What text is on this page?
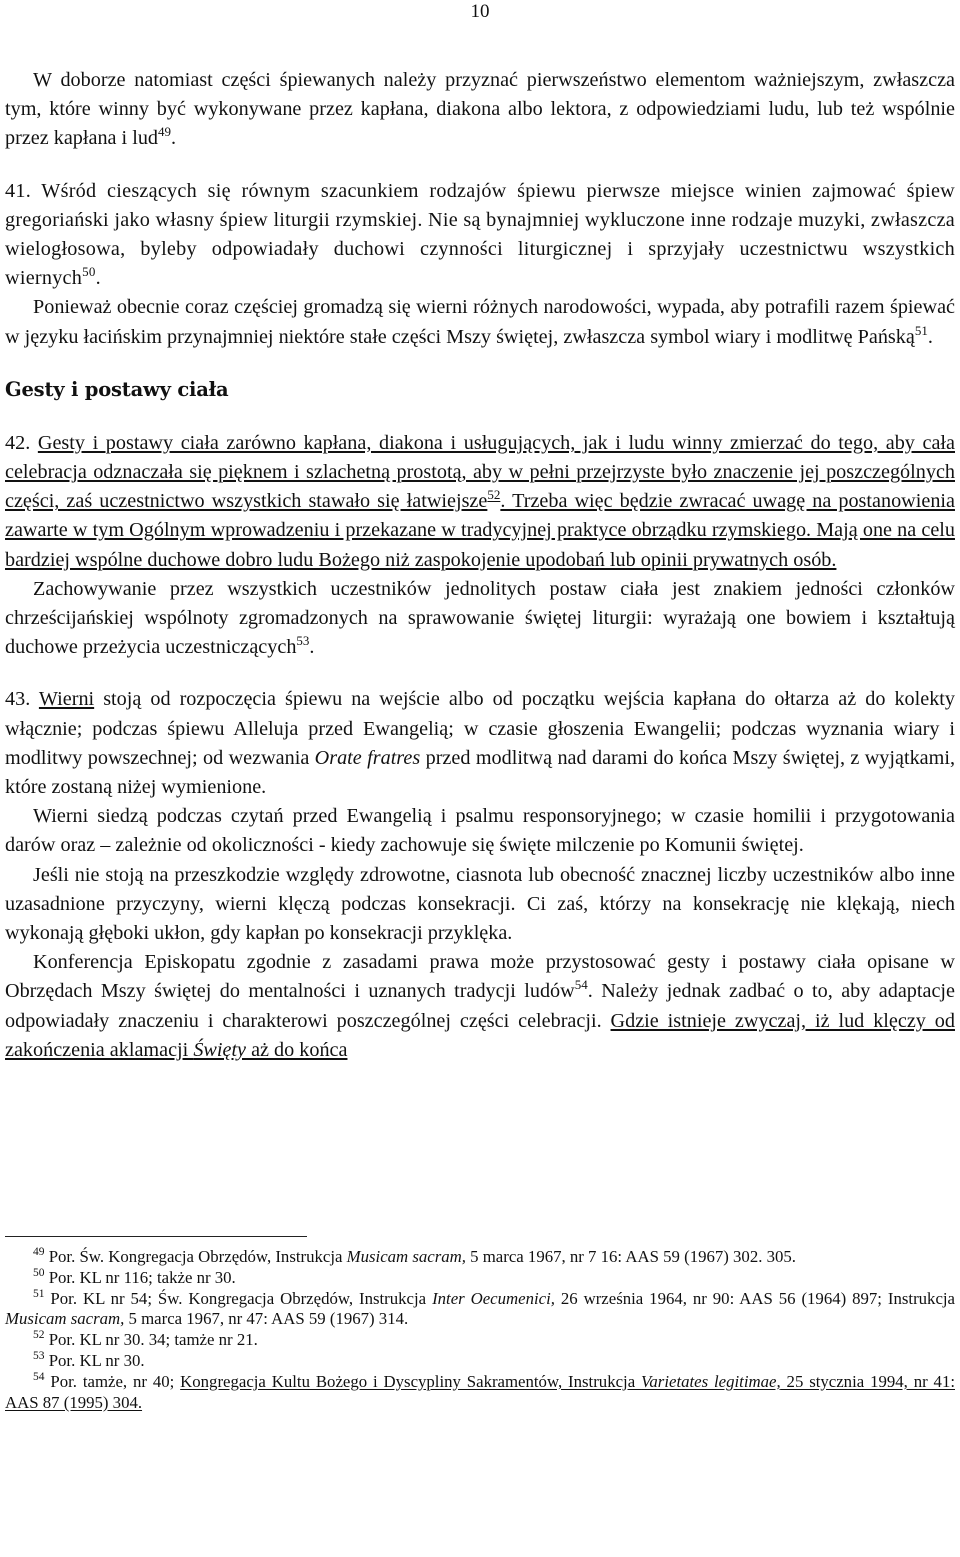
10

W doborze natomiast części śpiewanych należy przyznać pierwszeństwo elementom ważniejszym, zwłaszcza tym, które winny być wykonywane przez kapłana, diakona albo lektora, z odpowiedziami ludu, lub też wspólnie przez kapłana i lud$^{49}$.

41. Wśród cieszących się równym szacunkiem rodzajów śpiewu pierwsze miejsce winien zajmować śpiew gregoriański jako własny śpiew liturgii rzymskiej. Nie są bynajmniej wykluczone inne rodzaje muzyki, zwłaszcza wielogłosowa, byleby odpowiadały duchowi czynności liturgicznej i sprzyjały uczestnictwu wszystkich wiernych$^{50}$.

Ponieważ obecnie coraz częściej gromadzą się wierni różnych narodowości, wypada, aby potrafili razem śpiewać w języku łacińskim przynajmniej niektóre stałe części Mszy świętej, zwłaszcza symbol wiary i modlitwę Pańską$^{51}$.

Gesty i postawy ciała

42. Gesty i postawy ciała zarówno kapłana, diakona i usługujących, jak i ludu winny zmierzać do tego, aby cała celebracja odznaczała się pięknem i szlachetną prostotą, aby w pełni przejrzyste było znaczenie jej poszczególnych części, zaś uczestnictwo wszystkich stawało się łatwiejsze$^{52}$. Trzeba więc będzie zwracać uwagę na postanowienia zawarte w tym Ogólnym wprowadzeniu i przekazane w tradycyjnej praktyce obrządku rzymskiego. Mają one na celu bardziej wspólne duchowe dobro ludu Bożego niż zaspokojenie upodobań lub opinii prywatnych osób.

Zachowywanie przez wszystkich uczestników jednolitych postaw ciała jest znakiem jedności członków chrześcijańskiej wspólnoty zgromadzonych na sprawowanie świętej liturgii: wyrażają one bowiem i kształtują duchowe przeżycia uczestniczących$^{53}$.

43. Wierni stoją od rozpoczęcia śpiewu na wejście albo od początku wejścia kapłana do ołtarza aż do kolekty włącznie; podczas śpiewu Alleluja przed Ewangelią; w czasie głoszenia Ewangelii; podczas wyznania wiary i modlitwy powszechnej; od wezwania Orate fratres przed modlitwą nad darami do końca Mszy świętej, z wyjątkami, które zostaną niżej wymienione.

Wierni siedzą podczas czytań przed Ewangelią i psalmu responsoryjnego; w czasie homilii i przygotowania darów oraz – zależnie od okoliczności - kiedy zachowuje się święte milczenie po Komunii świętej.

Jeśli nie stoją na przeszkodzie względy zdrowotne, ciasnota lub obecność znacznej liczby uczestników albo inne uzasadnione przyczyny, wierni klęczą podczas konsekracji. Ci zaś, którzy na konsekrację nie klękają, niech wykonają głęboki ukłon, gdy kapłan po konsekracji przyklęka.

Konferencja Episkopatu zgodnie z zasadami prawa może przystosować gesty i postawy ciała opisane w Obrzędach Mszy świętej do mentalności i uznanych tradycji ludów$^{54}$. Należy jednak zadbać o to, aby adaptacje odpowiadały znaczeniu i charakterowi poszczególnej części celebracji. Gdzie istnieje zwyczaj, iż lud klęczy od zakończenia aklamacji Święty aż do końca

$^{49}$ Por. Św. Kongregacja Obrzędów, Instrukcja Musicam sacram, 5 marca 1967, nr 7 16: AAS 59 (1967) 302. 305.

$^{50}$ Por. KL nr 116; także nr 30.

$^{51}$ Por. KL nr 54; Św. Kongregacja Obrzędów, Instrukcja Inter Oecumenici, 26 września 1964, nr 90: AAS 56 (1964) 897; Instrukcja Musicam sacram, 5 marca 1967, nr 47: AAS 59 (1967) 314.

$^{52}$ Por. KL nr 30. 34; tamże nr 21.

$^{53}$ Por. KL nr 30.

$^{54}$ Por. tamże, nr 40; Kongregacja Kultu Bożego i Dyscypliny Sakramentów, Instrukcja Varietates legitimae, 25 stycznia 1994, nr 41: AAS 87 (1995) 304.
